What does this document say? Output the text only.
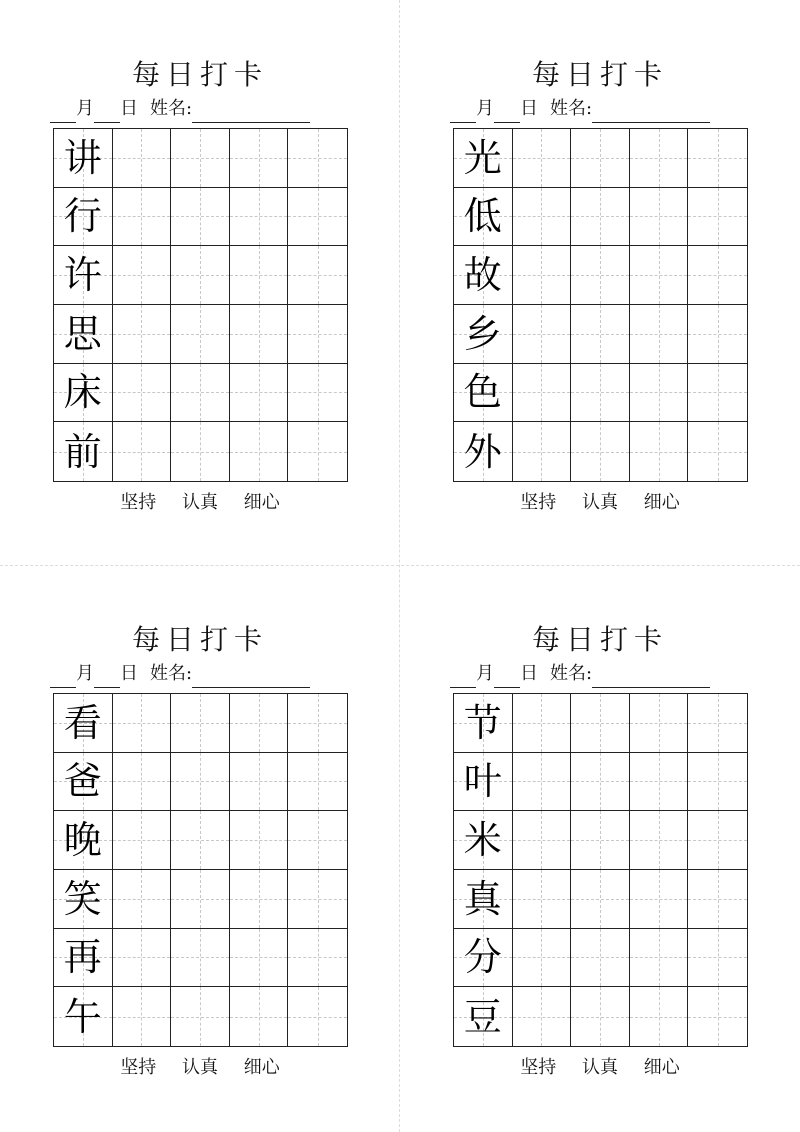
每日打卡
月 日 姓名:
讲
行
许
思
床
前
坚持 认真 细心
每日打卡
月 日 姓名:
光
低
故
乡
色
外
坚持 认真 细心
每日打卡
月 日 姓名:
看
爸
晚
笑
再
午
坚持 认真 细心
每日打卡
月 日 姓名:
节
叶
米
真
分
豆
坚持 认真 细心
